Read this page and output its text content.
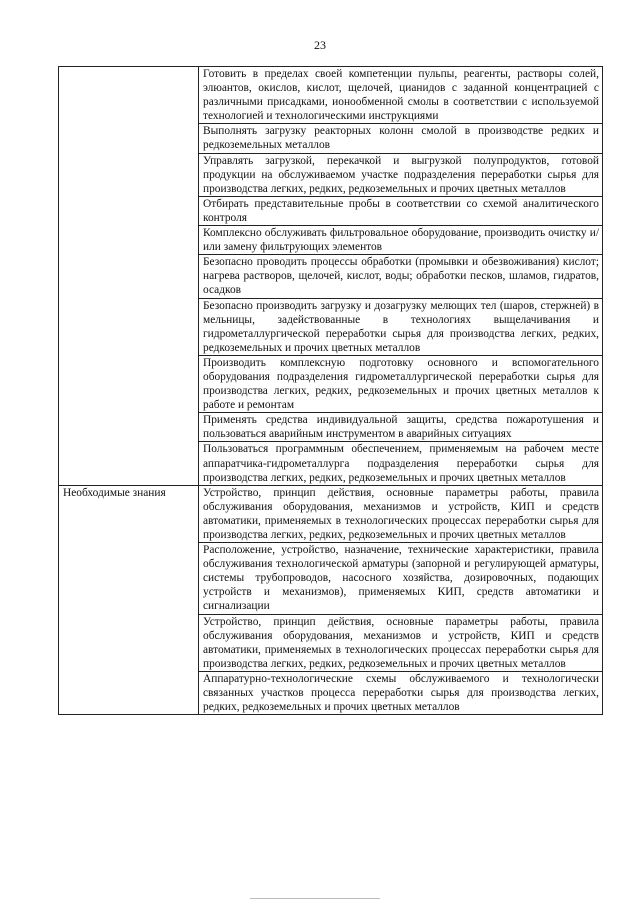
23
	Готовить в пределах своей компетенции пульпы, реагенты, растворы солей, элюантов, окислов, кислот, щелочей, цианидов с заданной концентрацией с различными присадками, ионообменной смолы в соответствии с используемой технологией и технологическими инструкциями
	Выполнять загрузку реакторных колонн смолой в производстве редких и редкоземельных металлов
	Управлять загрузкой, перекачкой и выгрузкой полупродуктов, готовой продукции на обслуживаемом участке подразделения переработки сырья для производства легких, редких, редкоземельных и прочих цветных металлов
	Отбирать представительные пробы в соответствии со схемой аналитического контроля
	Комплексно обслуживать фильтровальное оборудование, производить очистку и/или замену фильтрующих элементов
	Безопасно проводить процессы обработки (промывки и обезвоживания) кислот; нагрева растворов, щелочей, кислот, воды; обработки песков, шламов, гидратов, осадков
	Безопасно производить загрузку и дозагрузку мелющих тел (шаров, стержней) в мельницы, задействованные в технологиях выщелачивания и гидрометаллургической переработки сырья для производства легких, редких, редкоземельных и прочих цветных металлов
	Производить комплексную подготовку основного и вспомогательного оборудования подразделения гидрометаллургической переработки сырья для производства легких, редких, редкоземельных и прочих цветных металлов к работе и ремонтам
	Применять средства индивидуальной защиты, средства пожаротушения и пользоваться аварийным инструментом в аварийных ситуациях
	Пользоваться программным обеспечением, применяемым на рабочем месте аппаратчика-гидрометаллурга подразделения переработки сырья для производства легких, редких, редкоземельных и прочих цветных металлов
Необходимые знания	Устройство, принцип действия, основные параметры работы, правила обслуживания оборудования, механизмов и устройств, КИП и средств автоматики, применяемых в технологических процессах переработки сырья для производства легких, редких, редкоземельных и прочих цветных металлов
	Расположение, устройство, назначение, технические характеристики, правила обслуживания технологической арматуры (запорной и регулирующей арматуры, системы трубопроводов, насосного хозяйства, дозировочных, подающих устройств и механизмов), применяемых КИП, средств автоматики и сигнализации
	Устройство, принцип действия, основные параметры работы, правила обслуживания оборудования, механизмов и устройств, КИП и средств автоматики, применяемых в технологических процессах переработки сырья для производства легких, редких, редкоземельных и прочих цветных металлов
	Аппаратурно-технологические схемы обслуживаемого и технологически связанных участков процесса переработки сырья для производства легких, редких, редкоземельных и прочих цветных металлов
